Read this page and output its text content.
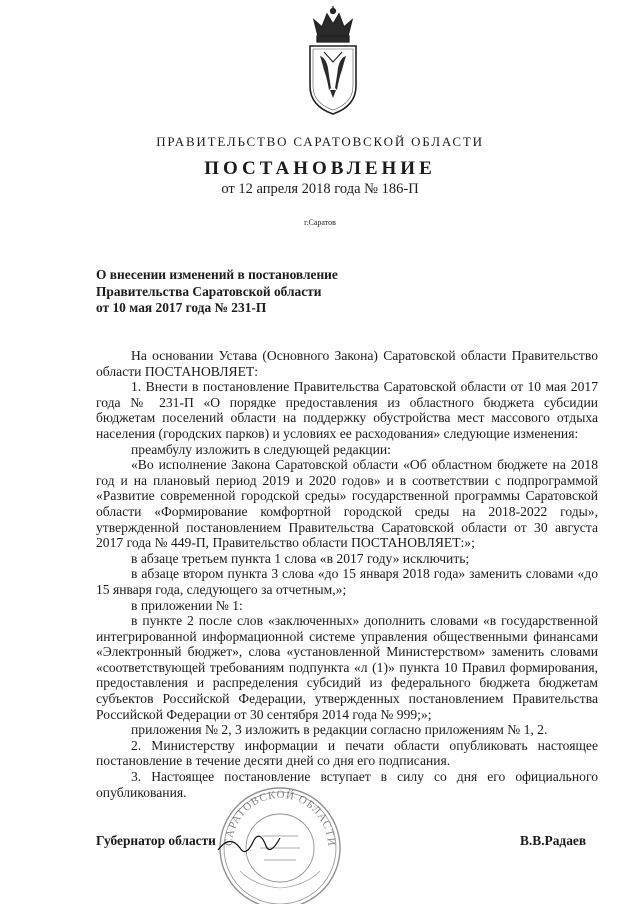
ПРАВИТЕЛЬСТВО САРАТОВСКОЙ ОБЛАСТИ
ПОСТАНОВЛЕНИЕ
от 12 апреля 2018 года № 186-П
г.Саратов
О внесении изменений в постановление
Правительства Саратовской области
от 10 мая 2017 года № 231-П

На основании Устава (Основного Закона) Саратовской области Правительство области ПОСТАНОВЛЯЕТ:

1. Внести в постановление Правительства Саратовской области от 10 мая 2017 года № 231-П «О порядке предоставления из областного бюджета субсидии бюджетам поселений области на поддержку обустройства мест массового отдыха населения (городских парков) и условиях ее расходования» следующие изменения:

преамбулу изложить в следующей редакции:

«Во исполнение Закона Саратовской области «Об областном бюджете на 2018 год и на плановый период 2019 и 2020 годов» и в соответствии с подпрограммой «Развитие современной городской среды» государственной программы Саратовской области «Формирование комфортной городской среды на 2018-2022 годы», утвержденной постановлением Правительства Саратовской области от 30 августа 2017 года № 449-П, Правительство области ПОСТАНОВЛЯЕТ:»;

в абзаце третьем пункта 1 слова «в 2017 году» исключить;

в абзаце втором пункта 3 слова «до 15 января 2018 года» заменить словами «до 15 января года, следующего за отчетным,»;

в приложении № 1:

в пункте 2 после слов «заключенных» дополнить словами «в государственной интегрированной информационной системе управления общественными финансами «Электронный бюджет», слова «установленной Министерством» заменить словами «соответствующей требованиям подпункта «л (1)» пункта 10 Правил формирования, предоставления и распределения субсидий из федерального бюджета бюджетам субъектов Российской Федерации, утвержденных постановлением Правительства Российской Федерации от 30 сентября 2014 года № 999;»;

приложения № 2, 3 изложить в редакции согласно приложениям № 1, 2.

2. Министерству информации и печати области опубликовать настоящее постановление в течение десяти дней со дня его подписания.

3. Настоящее постановление вступает в силу со дня его официального опубликования.

САРАТОВСКОЙ ОБЛАСТИ
Губернатор области	В.В.Радаев
